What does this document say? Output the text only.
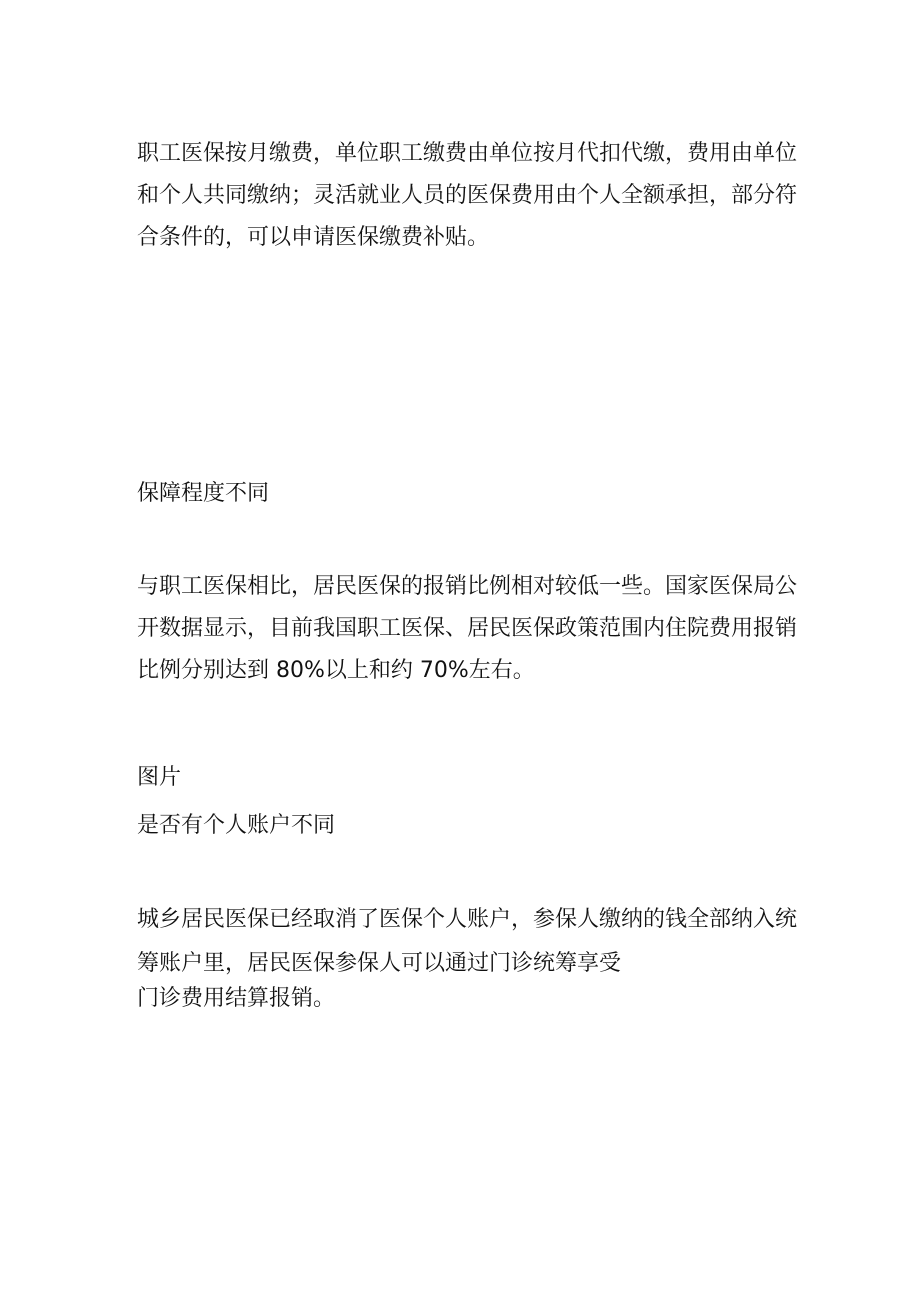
职工医保按月缴费，单位职工缴费由单位按月代扣代缴，费用由单位
和个人共同缴纳；灵活就业人员的医保费用由个人全额承担，部分符
合条件的，可以申请医保缴费补贴。

保障程度不同

与职工医保相比，居民医保的报销比例相对较低一些。国家医保局公
开数据显示，目前我国职工医保、居民医保政策范围内住院费用报销
比例分别达到 80%以上和约 70%左右。

图片
是否有个人账户不同

城乡居民医保已经取消了医保个人账户，参保人缴纳的钱全部纳入统
筹账户里，居民医保参保人可以通过门诊统筹享受
门诊费用结算报销。
